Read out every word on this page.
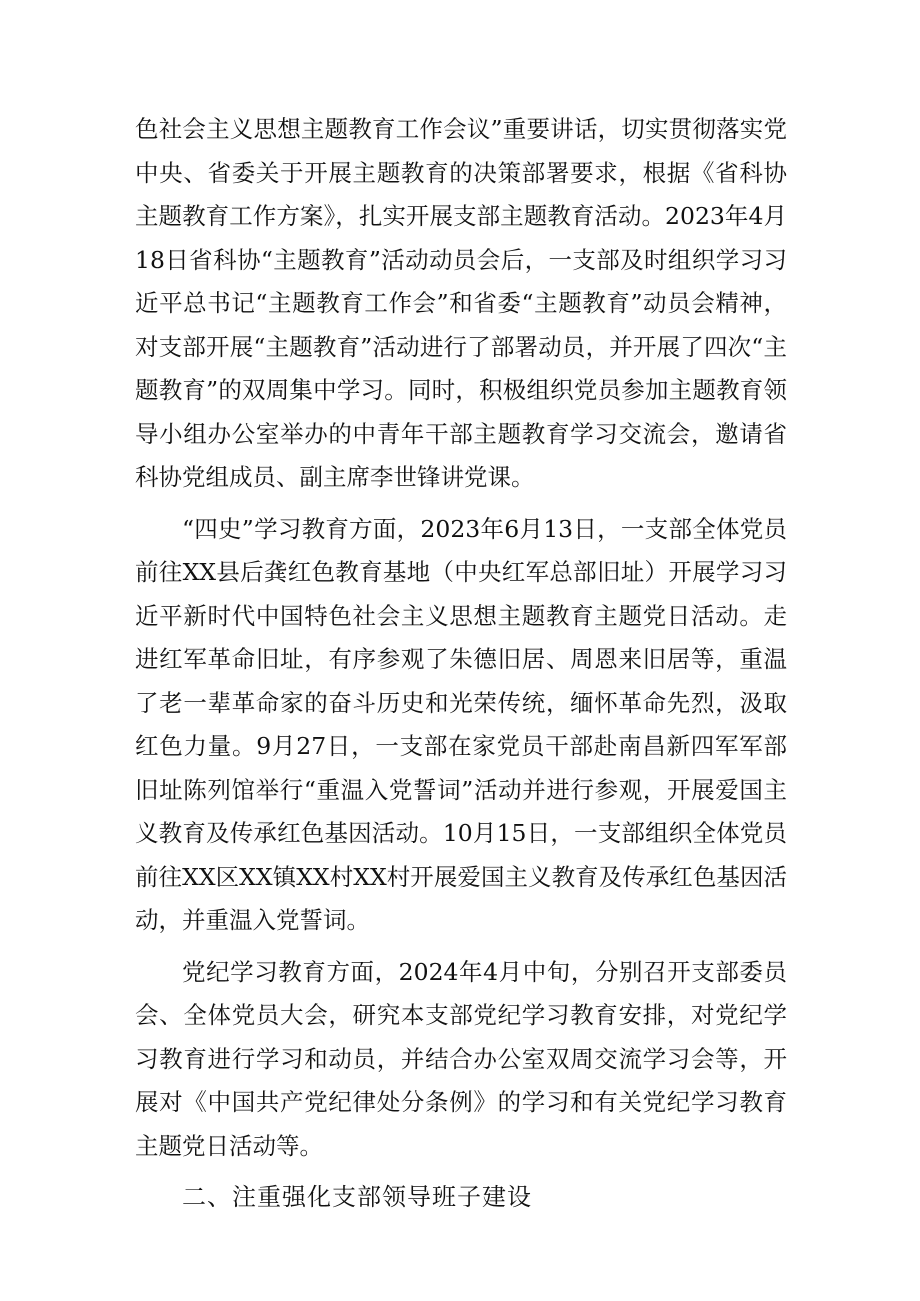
色社会主义思想主题教育工作会议”重要讲话，切实贯彻落实党中央、省委关于开展主题教育的决策部署要求，根据《省科协主题教育工作方案》，扎实开展支部主题教育活动。2023年4月18日省科协“主题教育”活动动员会后，一支部及时组织学习习近平总书记“主题教育工作会”和省委“主题教育”动员会精神，对支部开展“主题教育”活动进行了部署动员，并开展了四次“主题教育”的双周集中学习。同时，积极组织党员参加主题教育领导小组办公室举办的中青年干部主题教育学习交流会，邀请省科协党组成员、副主席李世锋讲党课。

“四史”学习教育方面，2023年6月13日，一支部全体党员前往XX县后龚红色教育基地（中央红军总部旧址）开展学习习近平新时代中国特色社会主义思想主题教育主题党日活动。走进红军革命旧址，有序参观了朱德旧居、周恩来旧居等，重温了老一辈革命家的奋斗历史和光荣传统，缅怀革命先烈，汲取红色力量。9月27日，一支部在家党员干部赴南昌新四军军部旧址陈列馆举行“重温入党誓词”活动并进行参观，开展爱国主义教育及传承红色基因活动。10月15日，一支部组织全体党员前往XX区XX镇XX村XX村开展爱国主义教育及传承红色基因活动，并重温入党誓词。

党纪学习教育方面，2024年4月中旬，分别召开支部委员会、全体党员大会，研究本支部党纪学习教育安排，对党纪学习教育进行学习和动员，并结合办公室双周交流学习会等，开展对《中国共产党纪律处分条例》的学习和有关党纪学习教育主题党日活动等。

二、注重强化支部领导班子建设
